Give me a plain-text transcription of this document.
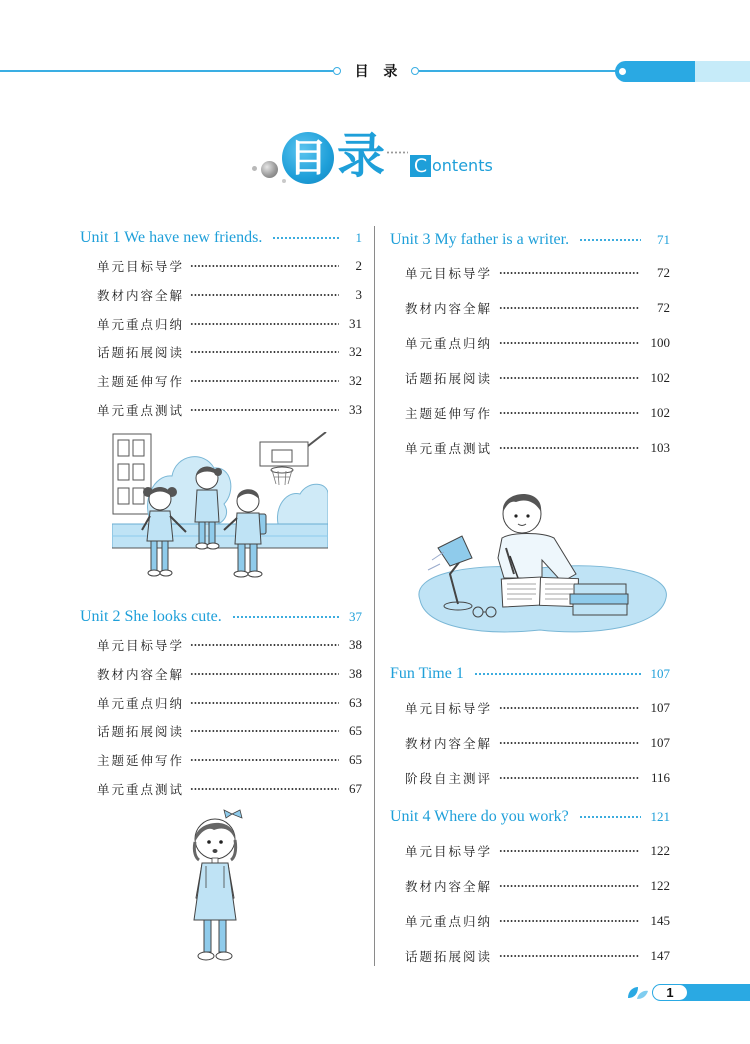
目 录
目 录 C ontents
Unit 1 We have new friends.	1
单元目标导学	2
教材内容全解	3
单元重点归纳	31
话题拓展阅读	32
主题延伸写作	32
单元重点测试	33
Unit 2 She looks cute.	37
单元目标导学	38
教材内容全解	38
单元重点归纳	63
话题拓展阅读	65
主题延伸写作	65
单元重点测试	67
Unit 3 My father is a writer.	71
单元目标导学	72
教材内容全解	72
单元重点归纳	100
话题拓展阅读	102
主题延伸写作	102
单元重点测试	103
Fun Time 1	107
单元目标导学	107
教材内容全解	107
阶段自主测评	116
Unit 4 Where do you work?	121
单元目标导学	122
教材内容全解	122
单元重点归纳	145
话题拓展阅读	147
1
